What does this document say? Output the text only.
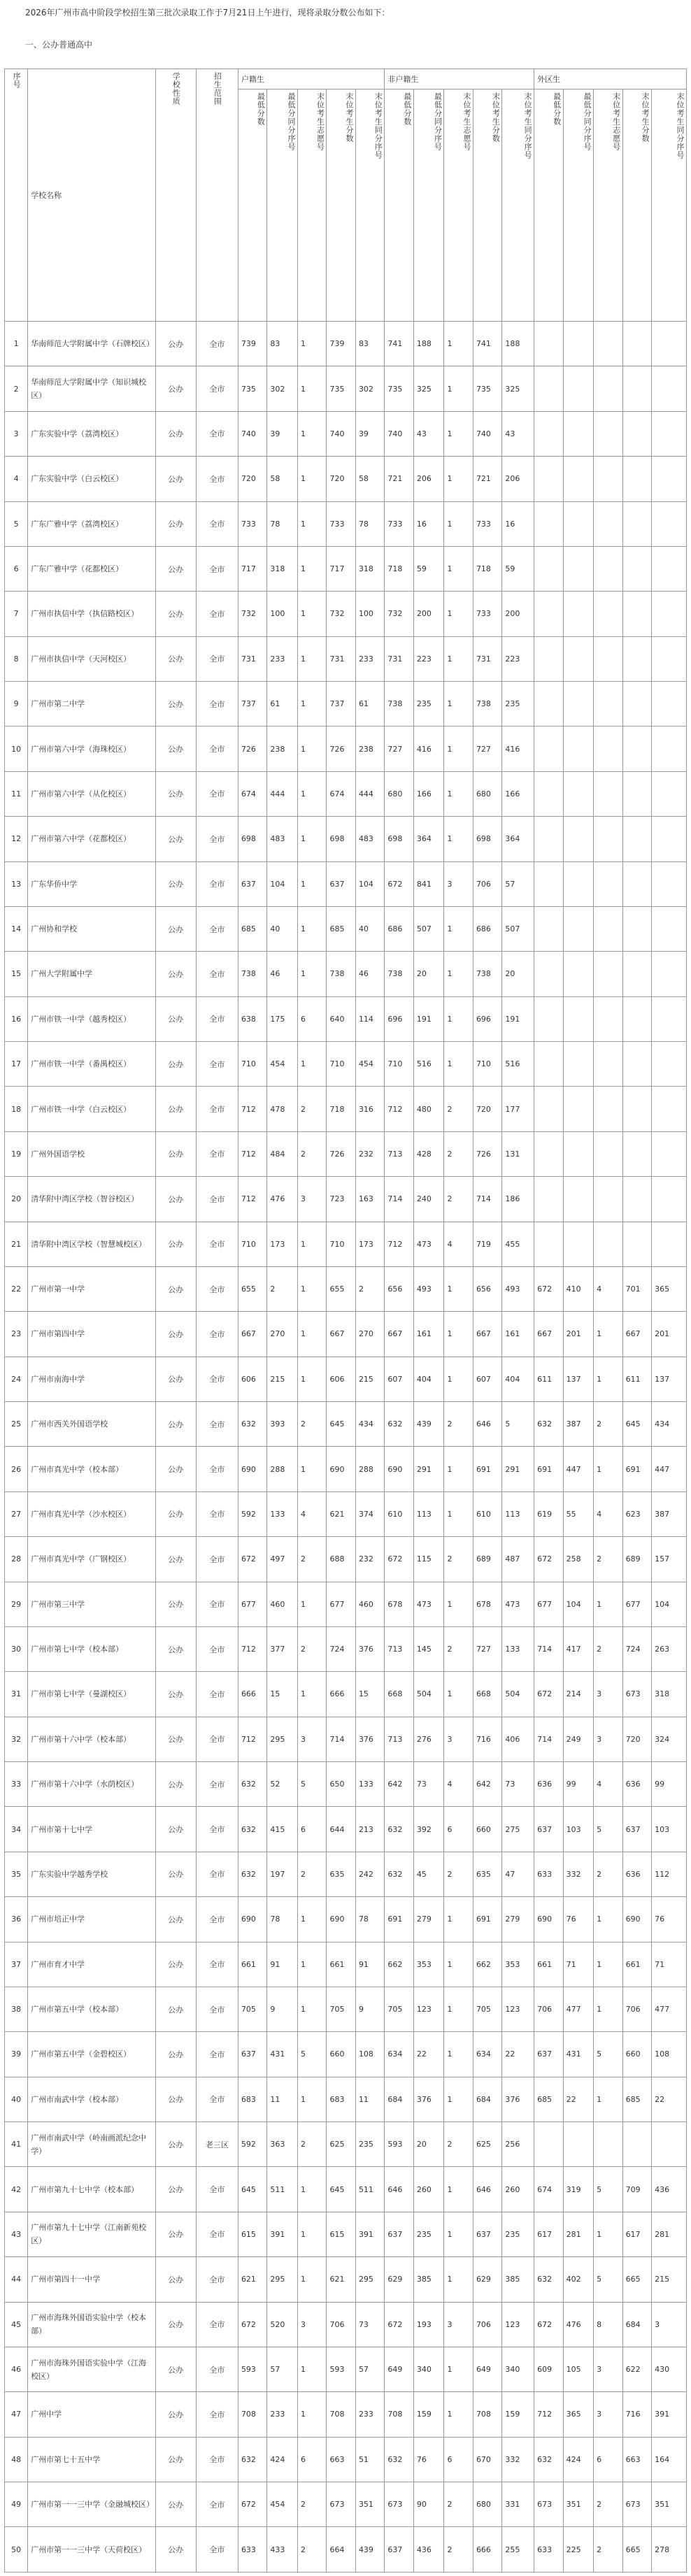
2026年广州市高中阶段学校招生第三批次录取工作于7月21日上午进行，现将录取分数公布如下：
一、公办普通高中
序号	学校名称	学校性质	招生范围	户籍生					非户籍生					外区生				
				最低分数	最低分同分序号	末位考生志愿号	末位考生分数	末位考生同分序号	最低分数	最低分同分序号	末位考生志愿号	末位考生分数	末位考生同分序号	最低分数	最低分同分序号	末位考生志愿号	末位考生分数	末位考生同分序号
1	华南师范大学附属中学（石牌校区）	公办	全市	739	83	1	739	83	741	188	1	741	188					
2	华南师范大学附属中学（知识城校区）	公办	全市	735	302	1	735	302	735	325	1	735	325					
3	广东实验中学（荔湾校区）	公办	全市	740	39	1	740	39	740	43	1	740	43					
4	广东实验中学（白云校区）	公办	全市	720	58	1	720	58	721	206	1	721	206					
5	广东广雅中学（荔湾校区）	公办	全市	733	78	1	733	78	733	16	1	733	16					
6	广东广雅中学（花都校区）	公办	全市	717	318	1	717	318	718	59	1	718	59					
7	广州市执信中学（执信路校区）	公办	全市	732	100	1	732	100	732	200	1	733	200					
8	广州市执信中学（天河校区）	公办	全市	731	233	1	731	233	731	223	1	731	223					
9	广州市第二中学	公办	全市	737	61	1	737	61	738	235	1	738	235					
10	广州市第六中学（海珠校区）	公办	全市	726	238	1	726	238	727	416	1	727	416					
11	广州市第六中学（从化校区）	公办	全市	674	444	1	674	444	680	166	1	680	166					
12	广州市第六中学（花都校区）	公办	全市	698	483	1	698	483	698	364	1	698	364					
13	广东华侨中学	公办	全市	637	104	1	637	104	672	841	3	706	57					
14	广州协和学校	公办	全市	685	40	1	685	40	686	507	1	686	507					
15	广州大学附属中学	公办	全市	738	46	1	738	46	738	20	1	738	20					
16	广州市铁一中学（越秀校区）	公办	全市	638	175	6	640	114	696	191	1	696	191					
17	广州市铁一中学（番禺校区）	公办	全市	710	454	1	710	454	710	516	1	710	516					
18	广州市铁一中学（白云校区）	公办	全市	712	478	2	718	316	712	480	2	720	177					
19	广州外国语学校	公办	全市	712	484	2	726	232	713	428	2	726	131					
20	清华附中湾区学校（智谷校区）	公办	全市	712	476	3	723	163	714	240	2	714	186					
21	清华附中湾区学校（智慧城校区）	公办	全市	710	173	1	710	173	712	473	4	719	455					
22	广州市第一中学	公办	全市	655	2	1	655	2	656	493	1	656	493	672	410	4	701	365
23	广州市第四中学	公办	全市	667	270	1	667	270	667	161	1	667	161	667	201	1	667	201
24	广州市南海中学	公办	全市	606	215	1	606	215	607	404	1	607	404	611	137	1	611	137
25	广州市西关外国语学校	公办	全市	632	393	2	645	434	632	439	2	646	5	632	387	2	645	434
26	广州市真光中学（校本部）	公办	全市	690	288	1	690	288	690	291	1	691	291	691	447	1	691	447
27	广州市真光中学（沙水校区）	公办	全市	592	133	4	621	374	610	113	1	610	113	619	55	4	623	387
28	广州市真光中学（广钢校区）	公办	全市	672	497	2	688	232	672	115	2	689	487	672	258	2	689	157
29	广州市第三中学	公办	全市	677	460	1	677	460	678	473	1	678	473	677	104	1	677	104
30	广州市第七中学（校本部）	公办	全市	712	377	2	724	376	713	145	2	727	133	714	417	2	724	263
31	广州市第七中学（曼湖校区）	公办	全市	666	15	1	666	15	668	504	1	668	504	672	214	3	673	318
32	广州市第十六中学（校本部）	公办	全市	712	295	3	714	376	713	276	3	716	406	714	249	3	720	324
33	广州市第十六中学（水荫校区）	公办	全市	632	52	5	650	133	642	73	4	642	73	636	99	4	636	99
34	广州市第十七中学	公办	全市	632	415	6	644	213	632	392	6	660	275	637	103	5	637	103
35	广东实验中学越秀学校	公办	全市	632	197	2	635	242	632	45	2	635	47	633	332	2	636	112
36	广州市培正中学	公办	全市	690	78	1	690	78	691	279	1	691	279	690	76	1	690	76
37	广州市育才中学	公办	全市	661	91	1	661	91	662	353	1	662	353	661	71	1	661	71
38	广州市第五中学（校本部）	公办	全市	705	9	1	705	9	705	123	1	705	123	706	477	1	706	477
39	广州市第五中学（金碧校区）	公办	全市	637	431	5	660	108	634	22	1	634	22	637	431	5	660	108
40	广州市南武中学（校本部）	公办	全市	683	11	1	683	11	684	376	1	684	376	685	22	1	685	22
41	广州市南武中学（岭南画派纪念中学）	公办	老三区	592	363	2	625	235	593	20	2	625	256					
42	广州市第九十七中学（校本部）	公办	全市	645	511	1	645	511	646	260	1	646	260	674	319	5	709	436
43	广州市第九十七中学（江南新苑校区）	公办	全市	615	391	1	615	391	637	235	1	637	235	617	281	1	617	281
44	广州市第四十一中学	公办	全市	621	295	1	621	295	629	385	1	629	385	632	402	5	665	215
45	广州市海珠外国语实验中学（校本部）	公办	全市	672	520	3	706	73	672	193	3	706	123	672	476	8	684	3
46	广州市海珠外国语实验中学（江海校区）	公办	全市	593	57	1	593	57	649	340	1	649	340	609	105	3	622	430
47	广州中学	公办	全市	708	233	1	708	233	708	159	1	708	159	712	365	3	716	391
48	广州市第七十五中学	公办	全市	632	424	6	663	51	632	76	6	670	332	632	424	6	663	164
49	广州市第一一三中学（金融城校区）	公办	全市	672	454	2	673	351	673	90	2	680	331	673	351	2	673	351
50	广州市第一一三中学（天荷校区）	公办	全市	633	433	2	664	439	637	436	2	666	255	633	225	2	665	278
